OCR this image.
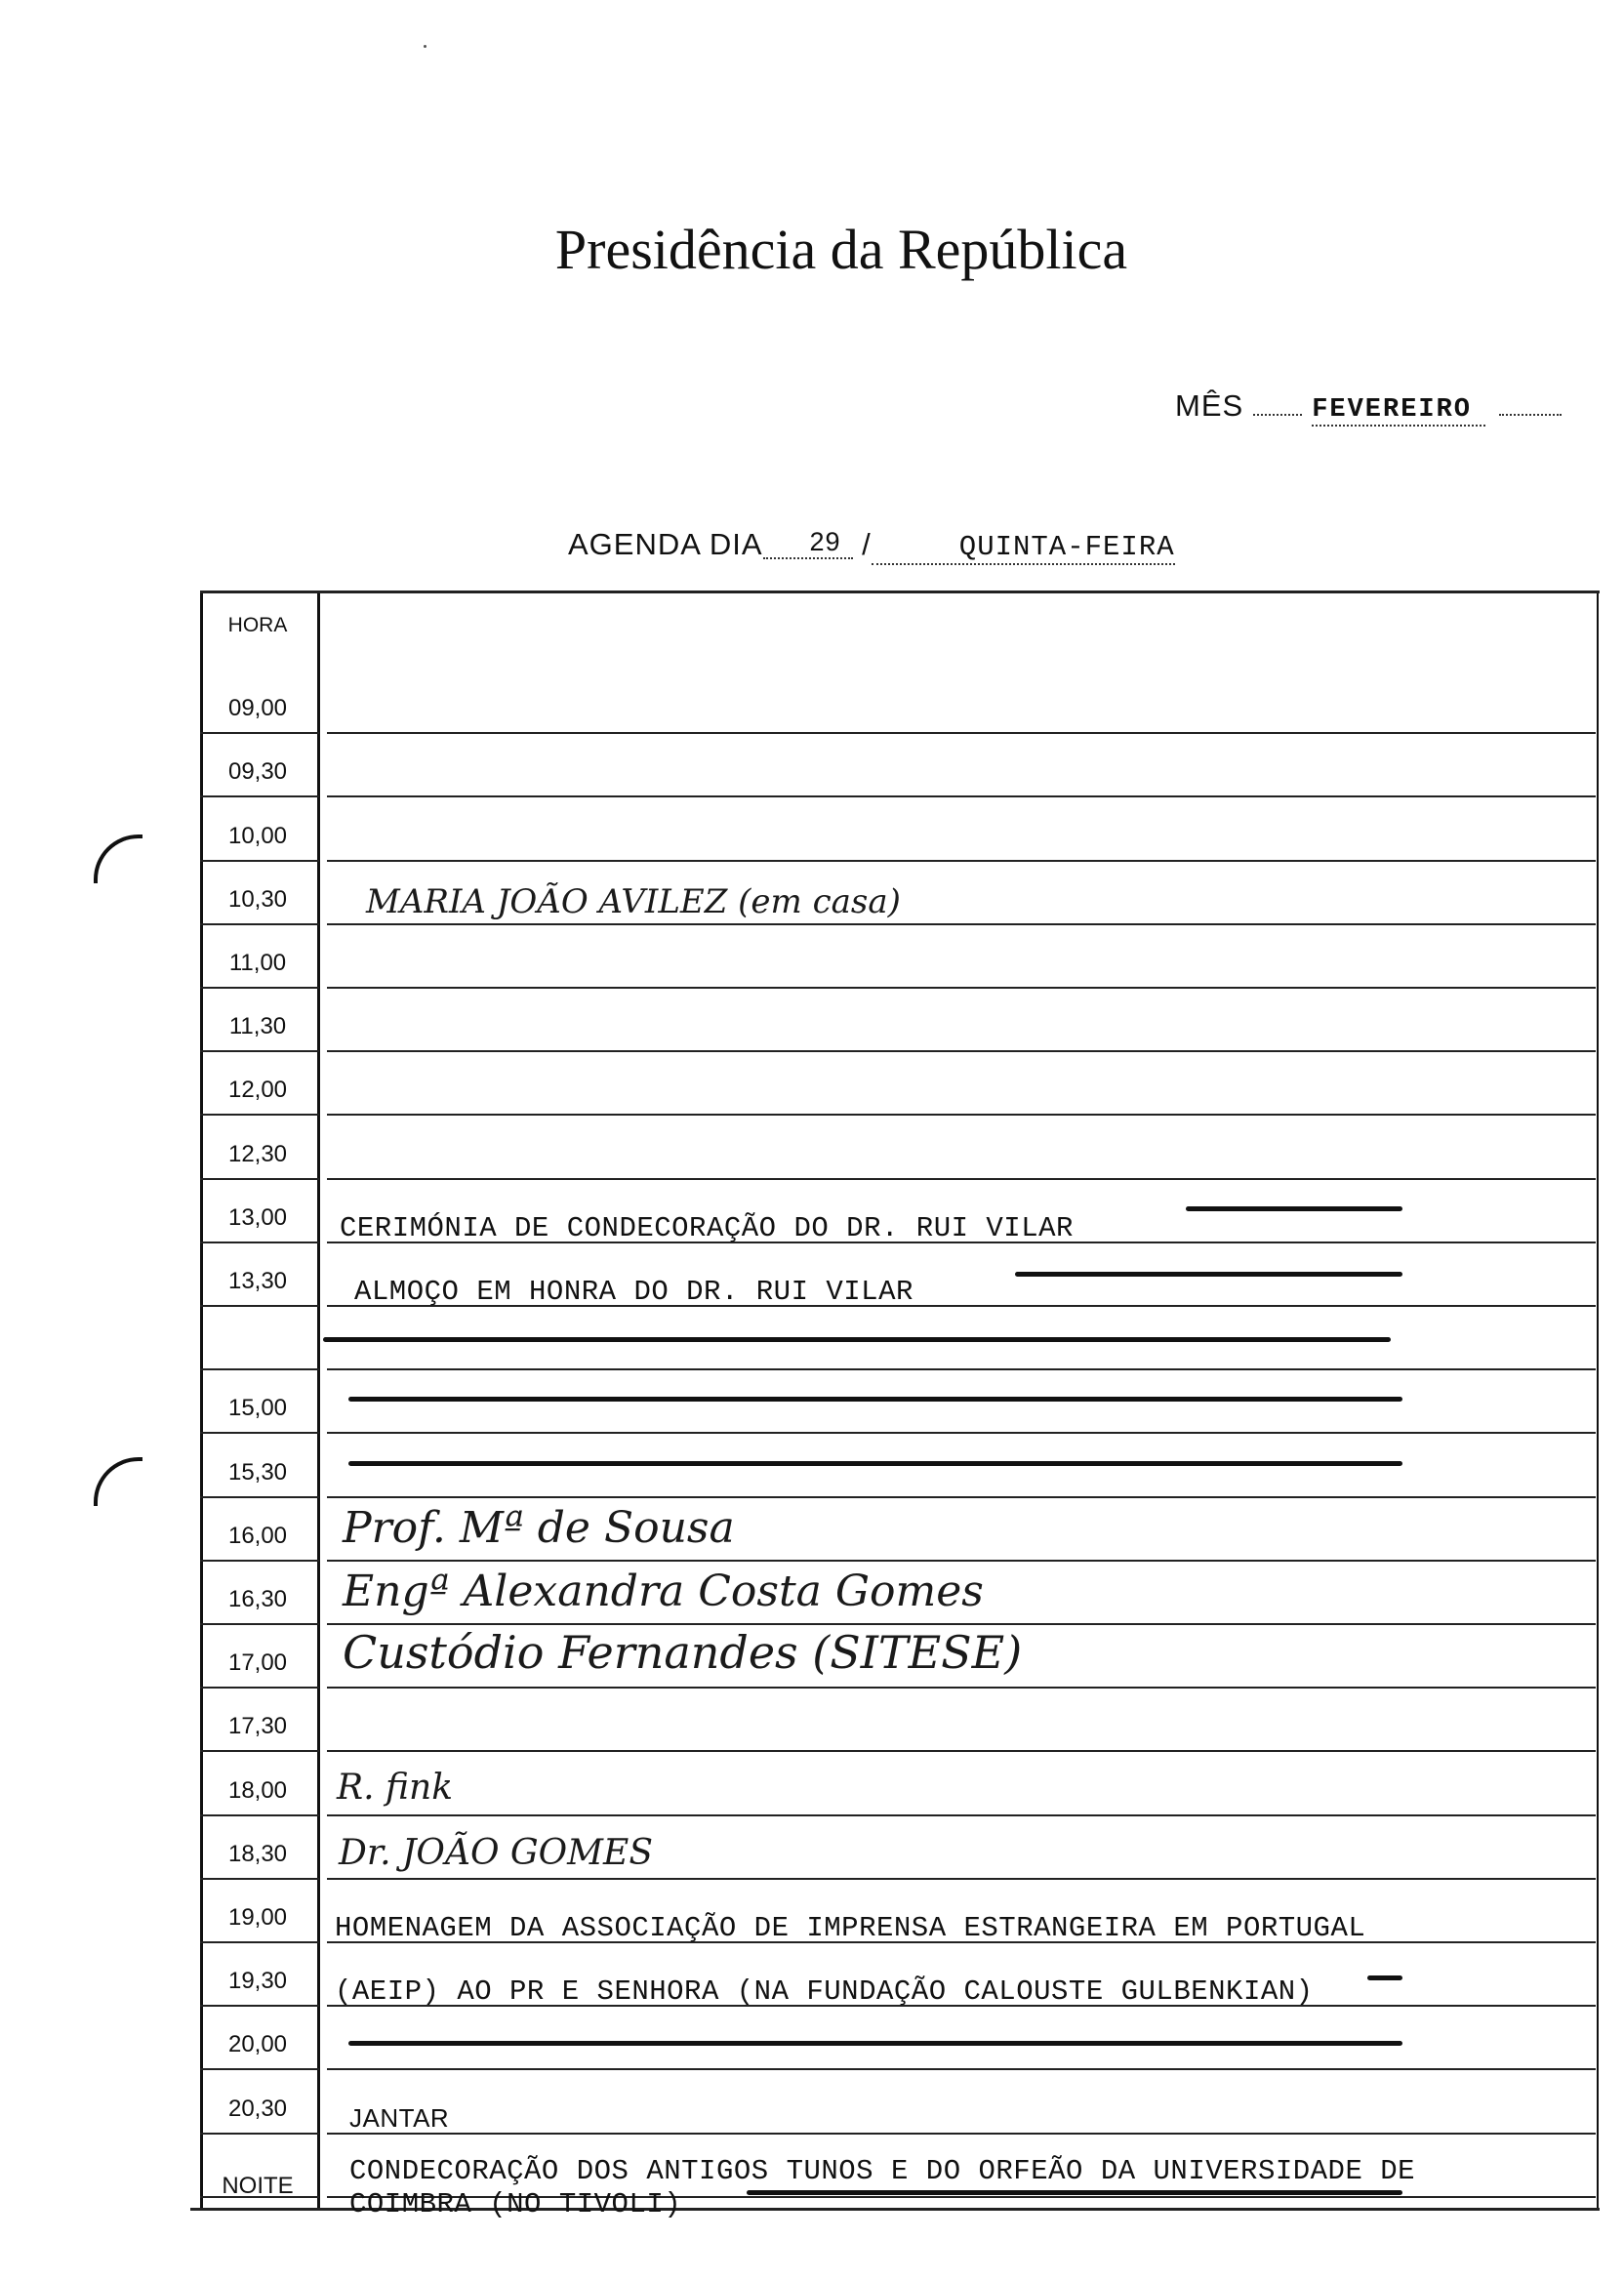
Presidência da República
MÊS	FEVEREIRO
AGENDA DIA 29 /	QUINTA-FEIRA
HORA
09,00
09,30
10,00
10,30	MARIA JOÃO AVILEZ (em casa)
11,00
11,30
12,00
12,30
13,00	CERIMÓNIA DE CONDECORAÇÃO DO DR. RUI VILAR
13,30	ALMOÇO EM HONRA DO DR. RUI VILAR
15,00
15,30
16,00	Prof. Mª de Sousa
16,30	Engª Alexandra Costa Gomes
17,00	Custódio Fernandes (SITESE)
17,30
18,00	R. fink
18,30	Dr. JOÃO GOMES
19,00	HOMENAGEM DA ASSOCIAÇÃO DE IMPRENSA ESTRANGEIRA EM PORTUGAL
19,30	(AEIP) AO PR E SENHORA (NA FUNDAÇÃO CALOUSTE GULBENKIAN)
20,00
20,30	JANTAR
NOITE	CONDECORAÇÃO DOS ANTIGOS TUNOS E DO ORFEÃO DA UNIVERSIDADE DE
COIMBRA (NO TIVOLI)
